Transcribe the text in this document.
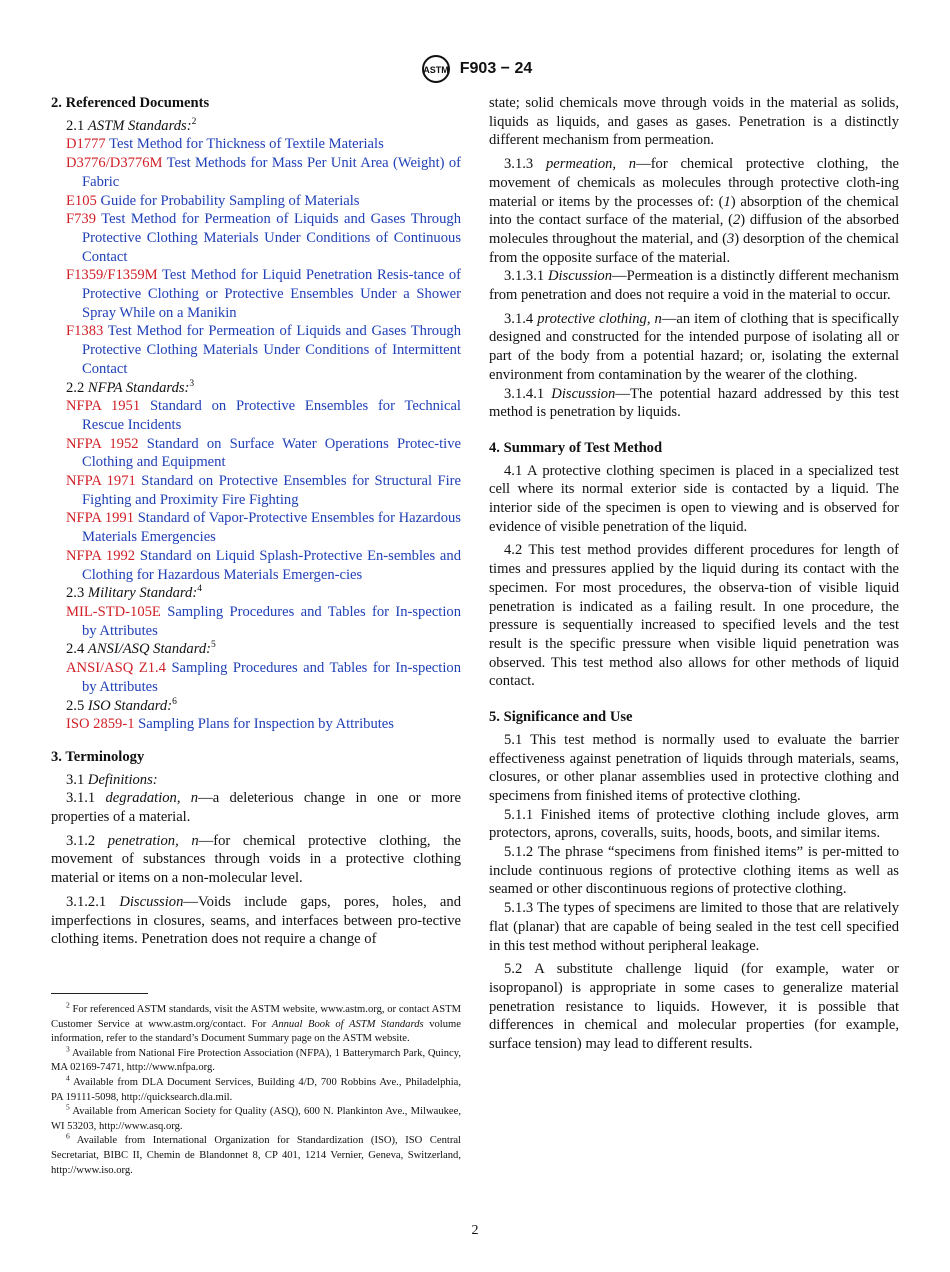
ASTM F903 − 24
2. Referenced Documents
2.1 ASTM Standards:$^2$
D1777 Test Method for Thickness of Textile Materials
D3776/D3776M Test Methods for Mass Per Unit Area (Weight) of Fabric
E105 Guide for Probability Sampling of Materials
F739 Test Method for Permeation of Liquids and Gases Through Protective Clothing Materials Under Conditions of Continuous Contact
F1359/F1359M Test Method for Liquid Penetration Resis-tance of Protective Clothing or Protective Ensembles Under a Shower Spray While on a Manikin
F1383 Test Method for Permeation of Liquids and Gases Through Protective Clothing Materials Under Conditions of Intermittent Contact
2.2 NFPA Standards:$^3$
NFPA 1951 Standard on Protective Ensembles for Technical Rescue Incidents
NFPA 1952 Standard on Surface Water Operations Protec-tive Clothing and Equipment
NFPA 1971 Standard on Protective Ensembles for Structural Fire Fighting and Proximity Fire Fighting
NFPA 1991 Standard of Vapor-Protective Ensembles for Hazardous Materials Emergencies
NFPA 1992 Standard on Liquid Splash-Protective En-sembles and Clothing for Hazardous Materials Emergen-cies
2.3 Military Standard:$^4$
MIL-STD-105E Sampling Procedures and Tables for In-spection by Attributes
2.4 ANSI/ASQ Standard:$^5$
ANSI/ASQ Z1.4 Sampling Procedures and Tables for In-spection by Attributes
2.5 ISO Standard:$^6$
ISO 2859-1 Sampling Plans for Inspection by Attributes
3. Terminology
3.1 Definitions:
3.1.1 degradation, n—a deleterious change in one or more properties of a material.
3.1.2 penetration, n—for chemical protective clothing, the movement of substances through voids in a protective clothing material or items on a non-molecular level.
3.1.2.1 Discussion—Voids include gaps, pores, holes, and imperfections in closures, seams, and interfaces between pro-tective clothing items. Penetration does not require a change of
$^2$ For referenced ASTM standards, visit the ASTM website, www.astm.org, or contact ASTM Customer Service at www.astm.org/contact. For Annual Book of ASTM Standards volume information, refer to the standard’s Document Summary page on the ASTM website.
$^3$ Available from National Fire Protection Association (NFPA), 1 Batterymarch Park, Quincy, MA 02169-7471, http://www.nfpa.org.
$^4$ Available from DLA Document Services, Building 4/D, 700 Robbins Ave., Philadelphia, PA 19111-5098, http://quicksearch.dla.mil.
$^5$ Available from American Society for Quality (ASQ), 600 N. Plankinton Ave., Milwaukee, WI 53203, http://www.asq.org.
$^6$ Available from International Organization for Standardization (ISO), ISO Central Secretariat, BIBC II, Chemin de Blandonnet 8, CP 401, 1214 Vernier, Geneva, Switzerland, http://www.iso.org.
state; solid chemicals move through voids in the material as solids, liquids as liquids, and gases as gases. Penetration is a distinctly different mechanism from permeation.
3.1.3 permeation, n—for chemical protective clothing, the movement of chemicals as molecules through protective cloth-ing material or items by the processes of: (1) absorption of the chemical into the contact surface of the material, (2) diffusion of the absorbed molecules throughout the material, and (3) desorption of the chemical from the opposite surface of the material.
3.1.3.1 Discussion—Permeation is a distinctly different mechanism from penetration and does not require a void in the material to occur.
3.1.4 protective clothing, n—an item of clothing that is specifically designed and constructed for the intended purpose of isolating all or part of the body from a potential hazard; or, isolating the external environment from contamination by the wearer of the clothing.
3.1.4.1 Discussion—The potential hazard addressed by this test method is penetration by liquids.
4. Summary of Test Method
4.1 A protective clothing specimen is placed in a specialized test cell where its normal exterior side is contacted by a liquid. The interior side of the specimen is open to viewing and is observed for evidence of visible penetration of the liquid.
4.2 This test method provides different procedures for length of times and pressures applied by the liquid during its contact with the specimen. For most procedures, the observa-tion of visible liquid penetration is indicated as a failing result. In one procedure, the pressure is sequentially increased to specified levels and the test result is the specific pressure when visible liquid penetration was observed. This test method also allows for other methods of liquid contact.
5. Significance and Use
5.1 This test method is normally used to evaluate the barrier effectiveness against penetration of liquids through materials, seams, closures, or other planar assemblies used in protective clothing and specimens from finished items of protective clothing.
5.1.1 Finished items of protective clothing include gloves, arm protectors, aprons, coveralls, suits, hoods, boots, and similar items.
5.1.2 The phrase “specimens from finished items” is per-mitted to include continuous regions of protective clothing items as well as seamed or other discontinuous regions of protective clothing.
5.1.3 The types of specimens are limited to those that are relatively flat (planar) that are capable of being sealed in the test cell specified in this test method without peripheral leakage.
5.2 A substitute challenge liquid (for example, water or isopropanol) is appropriate in some cases to generalize material penetration resistance to liquids. However, it is possible that differences in chemical and molecular properties (for example, surface tension) may lead to different results.
2
